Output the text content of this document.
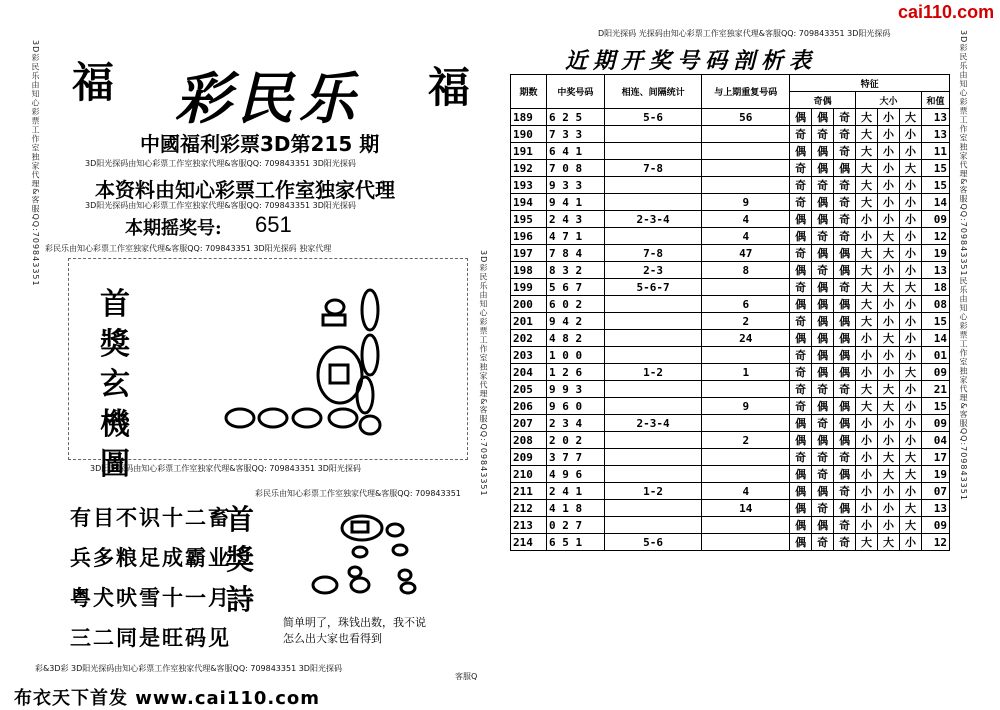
cai110.com
3D彩民乐由知心彩票工作室独家代理&客服QQ:709843351
3D彩民乐由知心彩票工作室独家代理&客服QQ:709843351
福	福
彩民乐
中國福利彩票3D第215 期
3D阳光探码由知心彩票工作室独家代理&客服QQ: 709843351 3D阳光探码
本资料由知心彩票工作室独家代理
3D阳光探码由知心彩票工作室独家代理&客服QQ: 709843351 3D阳光探码
本期摇奖号: 651
彩民乐由知心彩票工作室独家代理&客服QQ: 709843351 3D阳光探码 独家代理
首
獎
玄
機
圖
3D阳光探码由知心彩票工作室独家代理&客服QQ: 709843351 3D阳光探码
彩民乐由知心彩票工作室独家代理&客服QQ: 709843351
有目不识十二畜
兵多粮足成霸业
粤犬吠雪十一月
三二同是旺码见
首
獎
詩
简单明了，珠钱出数，我不说
怎么出大家也看得到
彩&3D彩 3D阳光探码由知心彩票工作室独家代理&客服QQ: 709843351 3D阳光探码
客服Q
布衣天下首发 www.cai110.com
D阳光探码 光探码由知心彩票工作室独家代理&客服QQ: 709843351 3D阳光探码
近期开奖号码剖析表	3D彩民乐由知心彩票工作室独家代理&客服QQ:709843351民乐由知心彩票工作室独家代理&客服QQ:709843351
期数	中奖号码	相连、间隔统计	与上期重复号码	特征						
				奇偶			大小			和值
189	6 2 5	5-6	56	偶	偶	奇	大	小	大	13
190	7 3 3			奇	奇	奇	大	小	小	13
191	6 4 1			偶	偶	奇	大	小	小	11
192	7 0 8	7-8		奇	偶	偶	大	小	大	15
193	9 3 3			奇	奇	奇	大	小	小	15
194	9 4 1		9	奇	偶	奇	大	小	小	14
195	2 4 3	2-3-4	4	偶	偶	奇	小	小	小	09
196	4 7 1		4	偶	奇	奇	小	大	小	12
197	7 8 4	7-8	47	奇	偶	偶	大	大	小	19
198	8 3 2	2-3	8	偶	奇	偶	大	小	小	13
199	5 6 7	5-6-7		奇	偶	奇	大	大	大	18
200	6 0 2		6	偶	偶	偶	大	小	小	08
201	9 4 2		2	奇	偶	偶	大	小	小	15
202	4 8 2		24	偶	偶	偶	小	大	小	14
203	1 0 0			奇	偶	偶	小	小	小	01
204	1 2 6	1-2	1	奇	偶	偶	小	小	大	09
205	9 9 3			奇	奇	奇	大	大	小	21
206	9 6 0		9	奇	偶	偶	大	大	小	15
207	2 3 4	2-3-4		偶	奇	偶	小	小	小	09
208	2 0 2		2	偶	偶	偶	小	小	小	04
209	3 7 7			奇	奇	奇	小	大	大	17
210	4 9 6			偶	奇	偶	小	大	大	19
211	2 4 1	1-2	4	偶	偶	奇	小	小	小	07
212	4 1 8		14	偶	奇	偶	小	小	大	13
213	0 2 7			偶	偶	奇	小	小	大	09
214	6 5 1	5-6		偶	奇	奇	大	大	小	12
